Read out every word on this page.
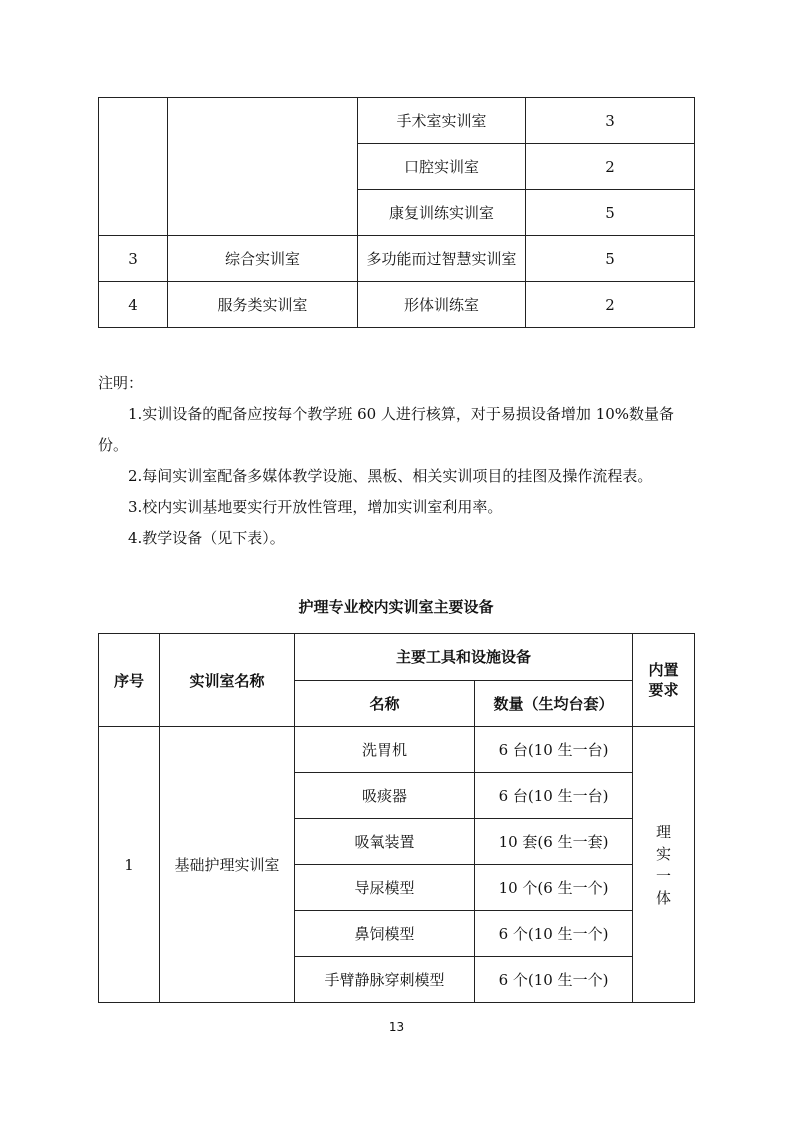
		手术室实训室	3
		口腔实训室	2
		康复训练实训室	5
3	综合实训室	多功能而过智慧实训室	5
4	服务类实训室	形体训练室	2

注明：

1.实训设备的配备应按每个教学班 60 人进行核算，对于易损设备增加 10%数量备份。

2.每间实训室配备多媒体教学设施、黑板、相关实训项目的挂图及操作流程表。

3.校内实训基地要实行开放性管理，增加实训室利用率。

4.教学设备（见下表）。

护理专业校内实训室主要设备
序号	实训室名称	主要工具和设施设备		内置要求
		名称	数量（生均台套）	
1	基础护理实训室	洗胃机	6 台(10 生一台)	理实一体
		吸痰器	6 台(10 生一台)	
		吸氧装置	10 套(6 生一套)	
		导尿模型	10 个(6 生一个)	
		鼻饲模型	6 个(10 生一个)	
		手臂静脉穿刺模型	6 个(10 生一个)	
13
